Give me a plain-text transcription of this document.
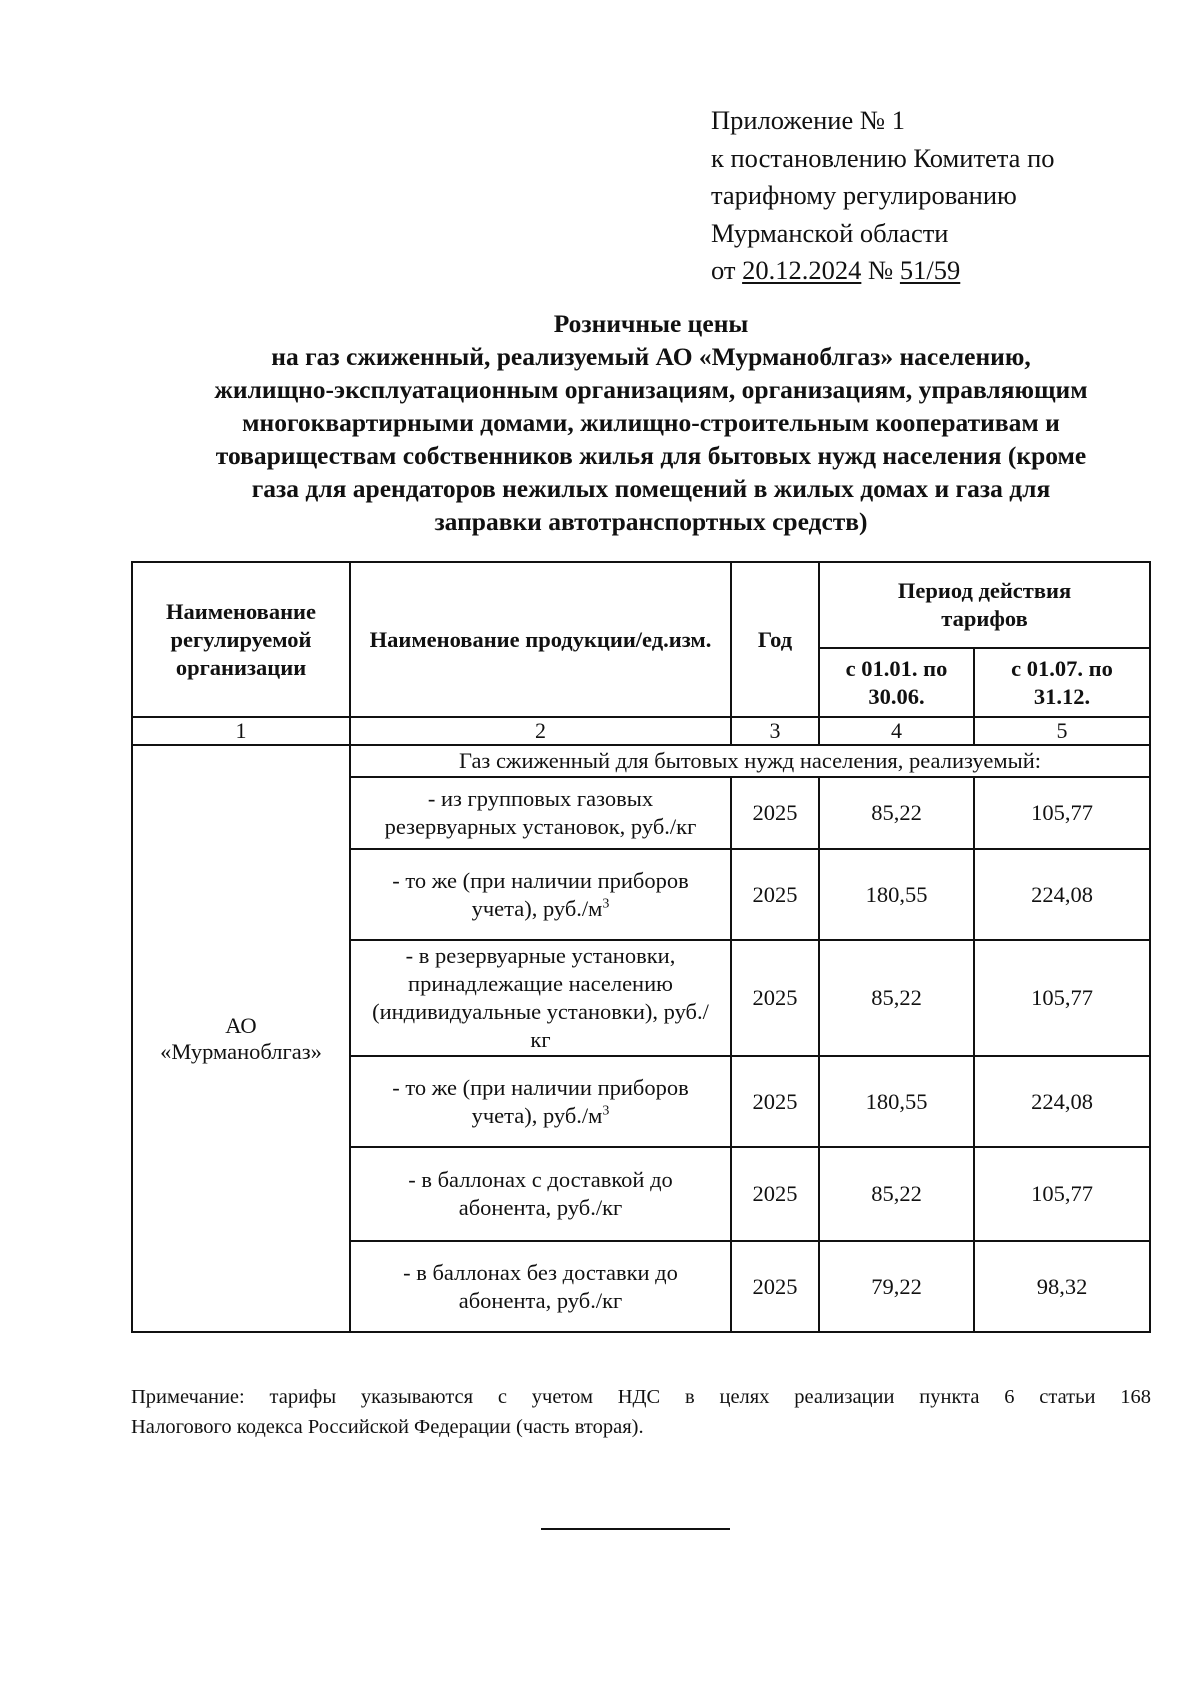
Приложение № 1
к постановлению Комитета по
тарифному регулированию
Мурманской области
от 20.12.2024 № 51/59
Розничные цены
на газ сжиженный, реализуемый АО «Мурманоблгаз» населению,
жилищно-эксплуатационным организациям, организациям, управляющим
многоквартирными домами, жилищно-строительным кооперативам и
товариществам собственников жилья для бытовых нужд населения (кроме
газа для арендаторов нежилых помещений в жилых домах и газа для
заправки автотранспортных средств)
Наименование регулируемой организации	Наименование продукции/ед.изм.	Год	Период действия тарифов	
			с 01.01. по 30.06.	с 01.07. по 31.12.
1	2	3	4	5
АО «Мурманоблгаз»	Газ сжиженный для бытовых нужд населения, реализуемый:			
	- из групповых газовых резервуарных установок, руб./кг	2025	85,22	105,77
	- то же (при наличии приборов учета), $руб./м^3$	2025	180,55	224,08
	- в резервуарные установки, принадлежащие населению (индивидуальные установки), руб./кг	2025	85,22	105,77
	- то же (при наличии приборов учета), $руб./м^3$	2025	180,55	224,08
	- в баллонах с доставкой до абонента, руб./кг	2025	85,22	105,77
	- в баллонах без доставки до абонента, руб./кг	2025	79,22	98,32
Примечание: тарифы указываются с учетом НДС в целях реализации пункта 6 статьи 168
Налогового кодекса Российской Федерации (часть вторая).
